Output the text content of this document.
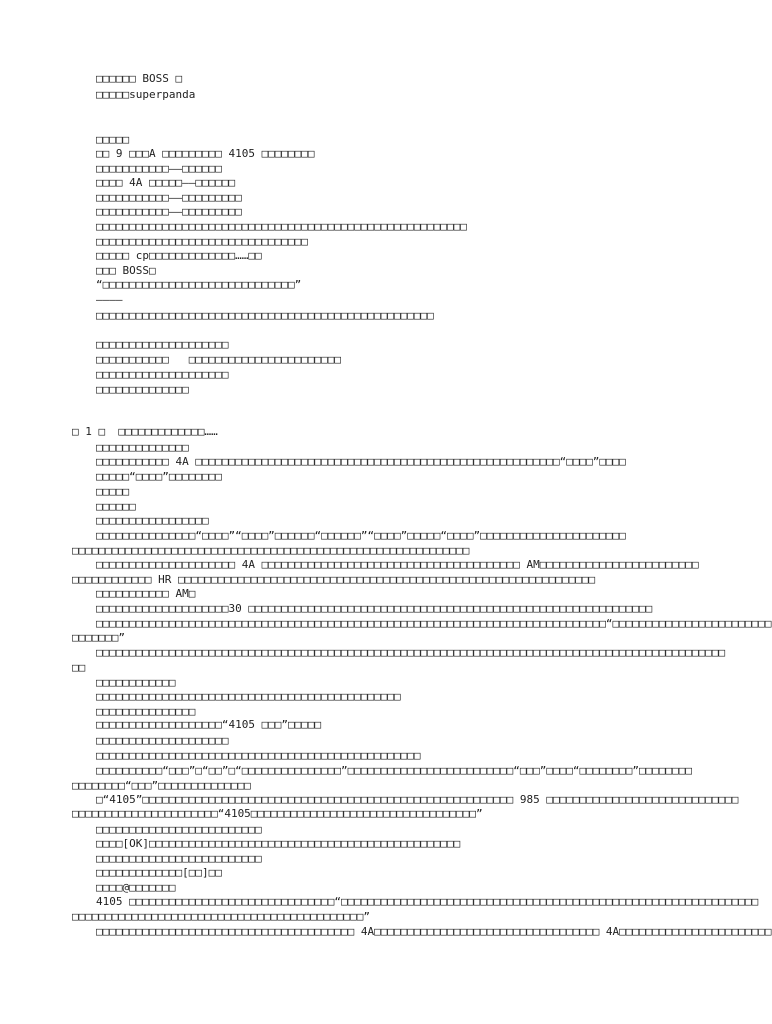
□□□□□□ BOSS □
□□□□□superpanda
□□□□□
□□ 9 □□□A □□□□□□□□□ 4105 □□□□□□□□
□□□□□□□□□□□——□□□□□□
□□□□ 4A □□□□□——□□□□□□
□□□□□□□□□□□——□□□□□□□□□
□□□□□□□□□□□——□□□□□□□□□
□□□□□□□□□□□□□□□□□□□□□□□□□□□□□□□□□□□□□□□□□□□□□□□□□□□□□□□□
□□□□□□□□□□□□□□□□□□□□□□□□□□□□□□□□
□□□□□ cp□□□□□□□□□□□□□……□□
□□□ BOSS□
“□□□□□□□□□□□□□□□□□□□□□□□□□□□□□”
————
□□□□□□□□□□□□□□□□□□□□□□□□□□□□□□□□□□□□□□□□□□□□□□□□□□□
□□□□□□□□□□□□□□□□□□□□
□□□□□□□□□□□   □□□□□□□□□□□□□□□□□□□□□□□
□□□□□□□□□□□□□□□□□□□□
□□□□□□□□□□□□□□
□ 1 □  □□□□□□□□□□□□□……
□□□□□□□□□□□□□□
□□□□□□□□□□□ 4A □□□□□□□□□□□□□□□□□□□□□□□□□□□□□□□□□□□□□□□□□□□□□□□□□□□□□□□“□□□□”□□□□
□□□□□“□□□□”□□□□□□□□
□□□□□
□□□□□□
□□□□□□□□□□□□□□□□□
□□□□□□□□□□□□□□□“□□□□”“□□□□”□□□□□□“□□□□□□”“□□□□”□□□□□“□□□□”□□□□□□□□□□□□□□□□□□□□□□
□□□□□□□□□□□□□□□□□□□□□□□□□□□□□□□□□□□□□□□□□□□□□□□□□□□□□□□□□□□□
□□□□□□□□□□□□□□□□□□□□□ 4A □□□□□□□□□□□□□□□□□□□□□□□□□□□□□□□□□□□□□□□ AM□□□□□□□□□□□□□□□□□□□□□□□□
□□□□□□□□□□□□ HR □□□□□□□□□□□□□□□□□□□□□□□□□□□□□□□□□□□□□□□□□□□□□□□□□□□□□□□□□□□□□□□
□□□□□□□□□□□ AM□
□□□□□□□□□□□□□□□□□□□□30 □□□□□□□□□□□□□□□□□□□□□□□□□□□□□□□□□□□□□□□□□□□□□□□□□□□□□□□□□□□□□
□□□□□□□□□□□□□□□□□□□□□□□□□□□□□□□□□□□□□□□□□□□□□□□□□□□□□□□□□□□□□□□□□□□□□□□□□□□□□“□□□□□□□□□□□□□□□□□□□□□□□□
□□□□□□□”
□□□□□□□□□□□□□□□□□□□□□□□□□□□□□□□□□□□□□□□□□□□□□□□□□□□□□□□□□□□□□□□□□□□□□□□□□□□□□□□□□□□□□□□□□□□□□□□
□□
□□□□□□□□□□□□
□□□□□□□□□□□□□□□□□□□□□□□□□□□□□□□□□□□□□□□□□□□□□□
□□□□□□□□□□□□□□□
□□□□□□□□□□□□□□□□□□□“4105 □□□”□□□□□
□□□□□□□□□□□□□□□□□□□□
□□□□□□□□□□□□□□□□□□□□□□□□□□□□□□□□□□□□□□□□□□□□□□□□□
□□□□□□□□□□“□□□”□“□□”□“□□□□□□□□□□□□□□□”□□□□□□□□□□□□□□□□□□□□□□□□□“□□□”□□□□“□□□□□□□□”□□□□□□□□
□□□□□□□□“□□□”□□□□□□□□□□□□□□
□“4105”□□□□□□□□□□□□□□□□□□□□□□□□□□□□□□□□□□□□□□□□□□□□□□□□□□□□□□□□ 985 □□□□□□□□□□□□□□□□□□□□□□□□□□□□□
□□□□□□□□□□□□□□□□□□□□□□“4105□□□□□□□□□□□□□□□□□□□□□□□□□□□□□□□□□□”
□□□□□□□□□□□□□□□□□□□□□□□□□
□□□□[OK]□□□□□□□□□□□□□□□□□□□□□□□□□□□□□□□□□□□□□□□□□□□□□□□
□□□□□□□□□□□□□□□□□□□□□□□□□
□□□□□□□□□□□□□[□□]□□
□□□□@□□□□□□□
4105 □□□□□□□□□□□□□□□□□□□□□□□□□□□□□□□“□□□□□□□□□□□□□□□□□□□□□□□□□□□□□□□□□□□□□□□□□□□□□□□□□□□□□□□□□□□□□□□
□□□□□□□□□□□□□□□□□□□□□□□□□□□□□□□□□□□□□□□□□□□□”
□□□□□□□□□□□□□□□□□□□□□□□□□□□□□□□□□□□□□□□ 4A□□□□□□□□□□□□□□□□□□□□□□□□□□□□□□□□□□ 4A□□□□□□□□□□□□□□□□□□□□□□□
